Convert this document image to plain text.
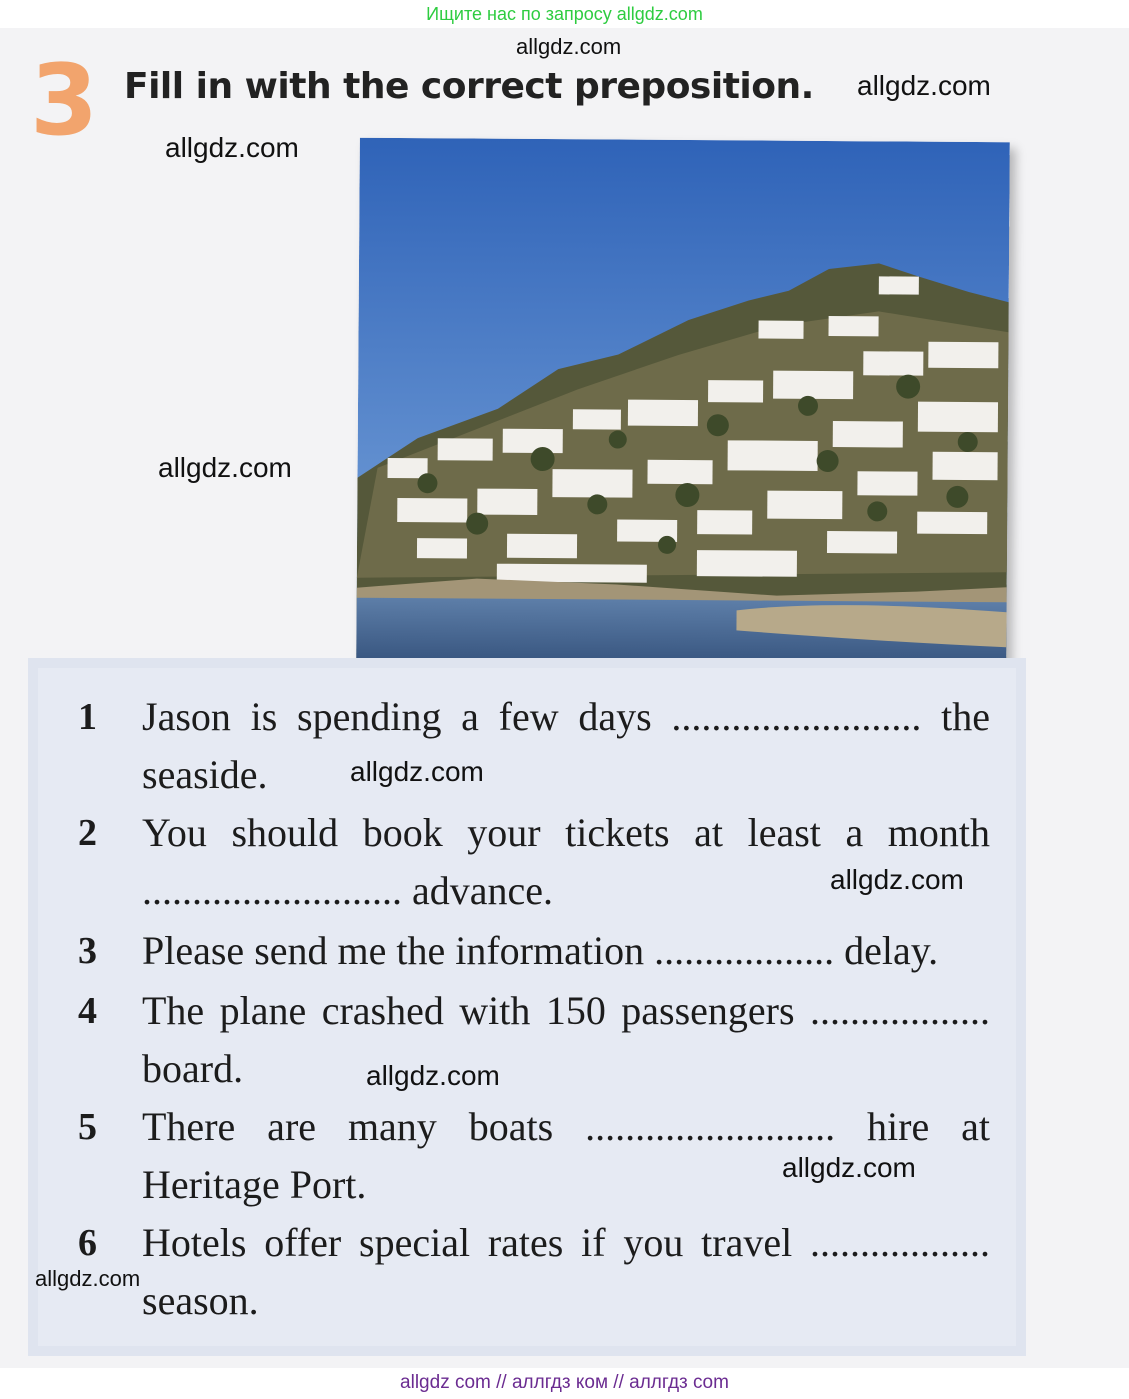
Ищите нас по запросу allgdz.com
3 Fill in with the correct preposition.
1	Jason is spending a few days ......................... the seaside.
2	You should book your tickets at least a month .......................... advance.
3	Please send me the information .................. delay.
4	The plane crashed with 150 passengers .................. board.
5	There are many boats ......................... hire at Heritage Port.
6	Hotels offer special rates if you travel .................. season.
allgdz.com
allgdz.com
allgdz.com
allgdz.com
allgdz.com
allgdz.com
allgdz.com
allgdz.com
allgdz.com
allgdz com // аллгдз ком // аллгдз com
